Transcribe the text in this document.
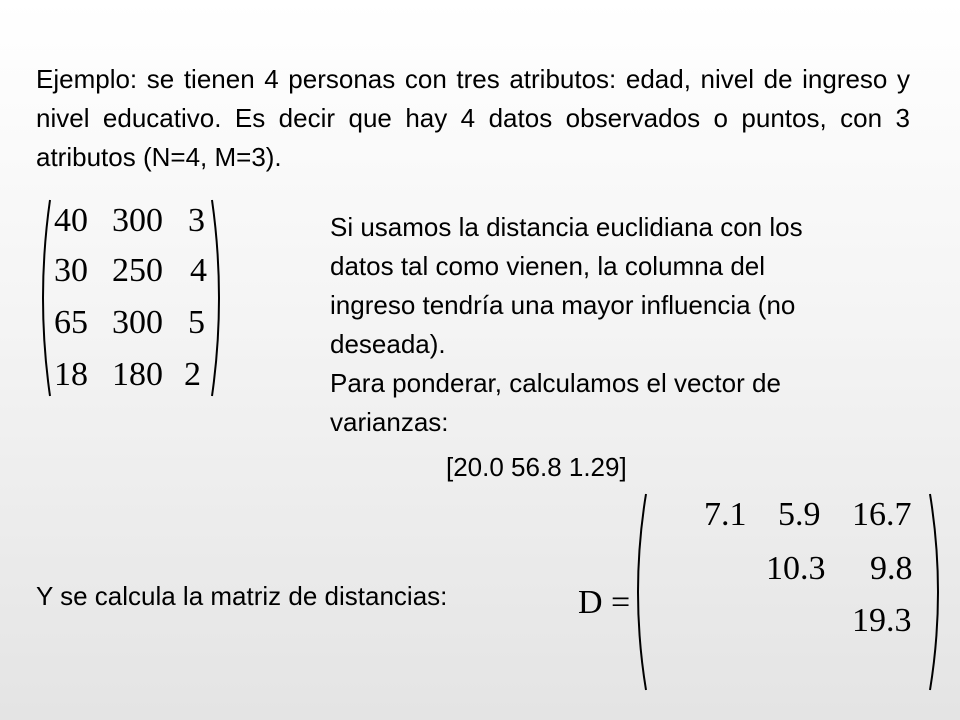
Ejemplo: se tienen 4 personas con tres atributos: edad, nivel de ingreso y nivel educativo. Es decir que hay 4 datos observados o puntos, con 3 atributos (N=4, M=3).

40 300 3
30 250 4
65 300 5
18 180 2

Si usamos la distancia euclidiana con los
datos tal como vienen, la columna del
ingreso tendría una mayor influencia (no
deseada).
Para ponderar, calculamos el vector de
varianzas:

[20.0 56.8 1.29]
Y se calcula la matriz de distancias:	D =
7.1 5.9 16.7
10.3 9.8
19.3
